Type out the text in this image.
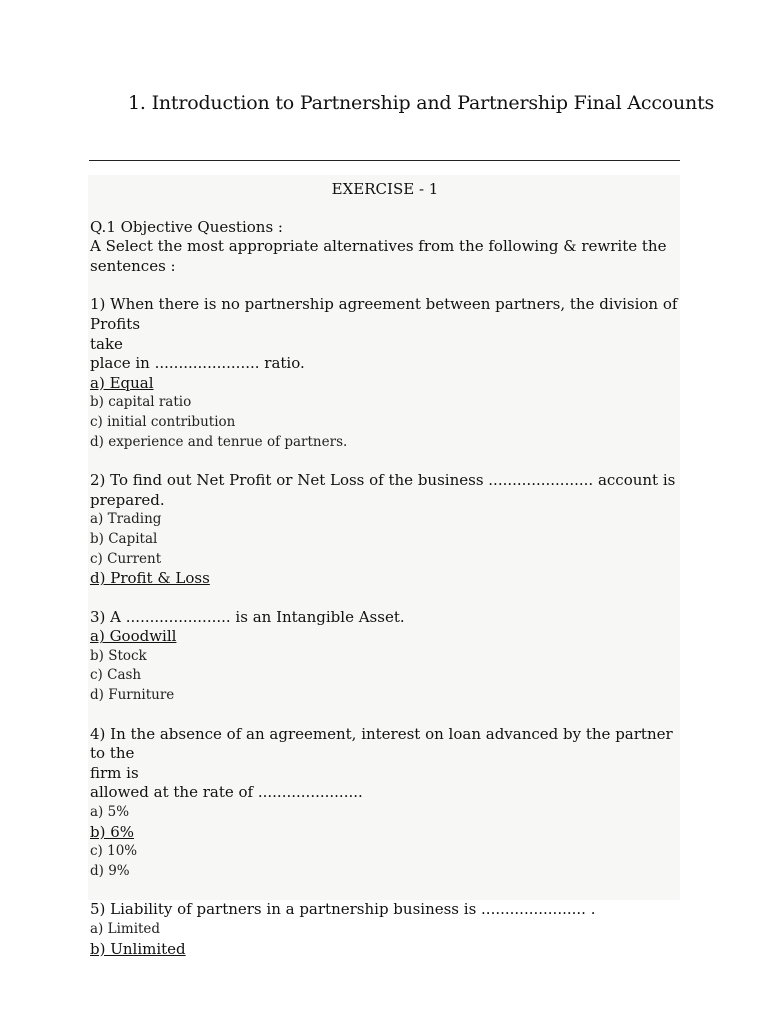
1. Introduction to Partnership and Partnership Final Accounts

EXERCISE - 1

Q.1 Objective Questions :

A Select the most appropriate alternatives from the following & rewrite the

sentences :

1) When there is no partnership agreement between partners, the division of Profits

take

place in ...................... ratio.

a) Equal
b) capital ratio
c) initial contribution
d) experience and tenrue of partners.

2) To find out Net Profit or Net Loss of the business ...................... account is prepared.

a) Trading
b) Capital
c) Current
d) Profit & Loss

3) A ...................... is an Intangible Asset.

a) Goodwill
b) Stock
c) Cash
d) Furniture

4) In the absence of an agreement, interest on loan advanced by the partner to the

firm is

allowed at the rate of ......................

a) 5%
b) 6%
c) 10%
d) 9%

5) Liability of partners in a partnership business is ...................... .

a) Limited
b) Unlimited
